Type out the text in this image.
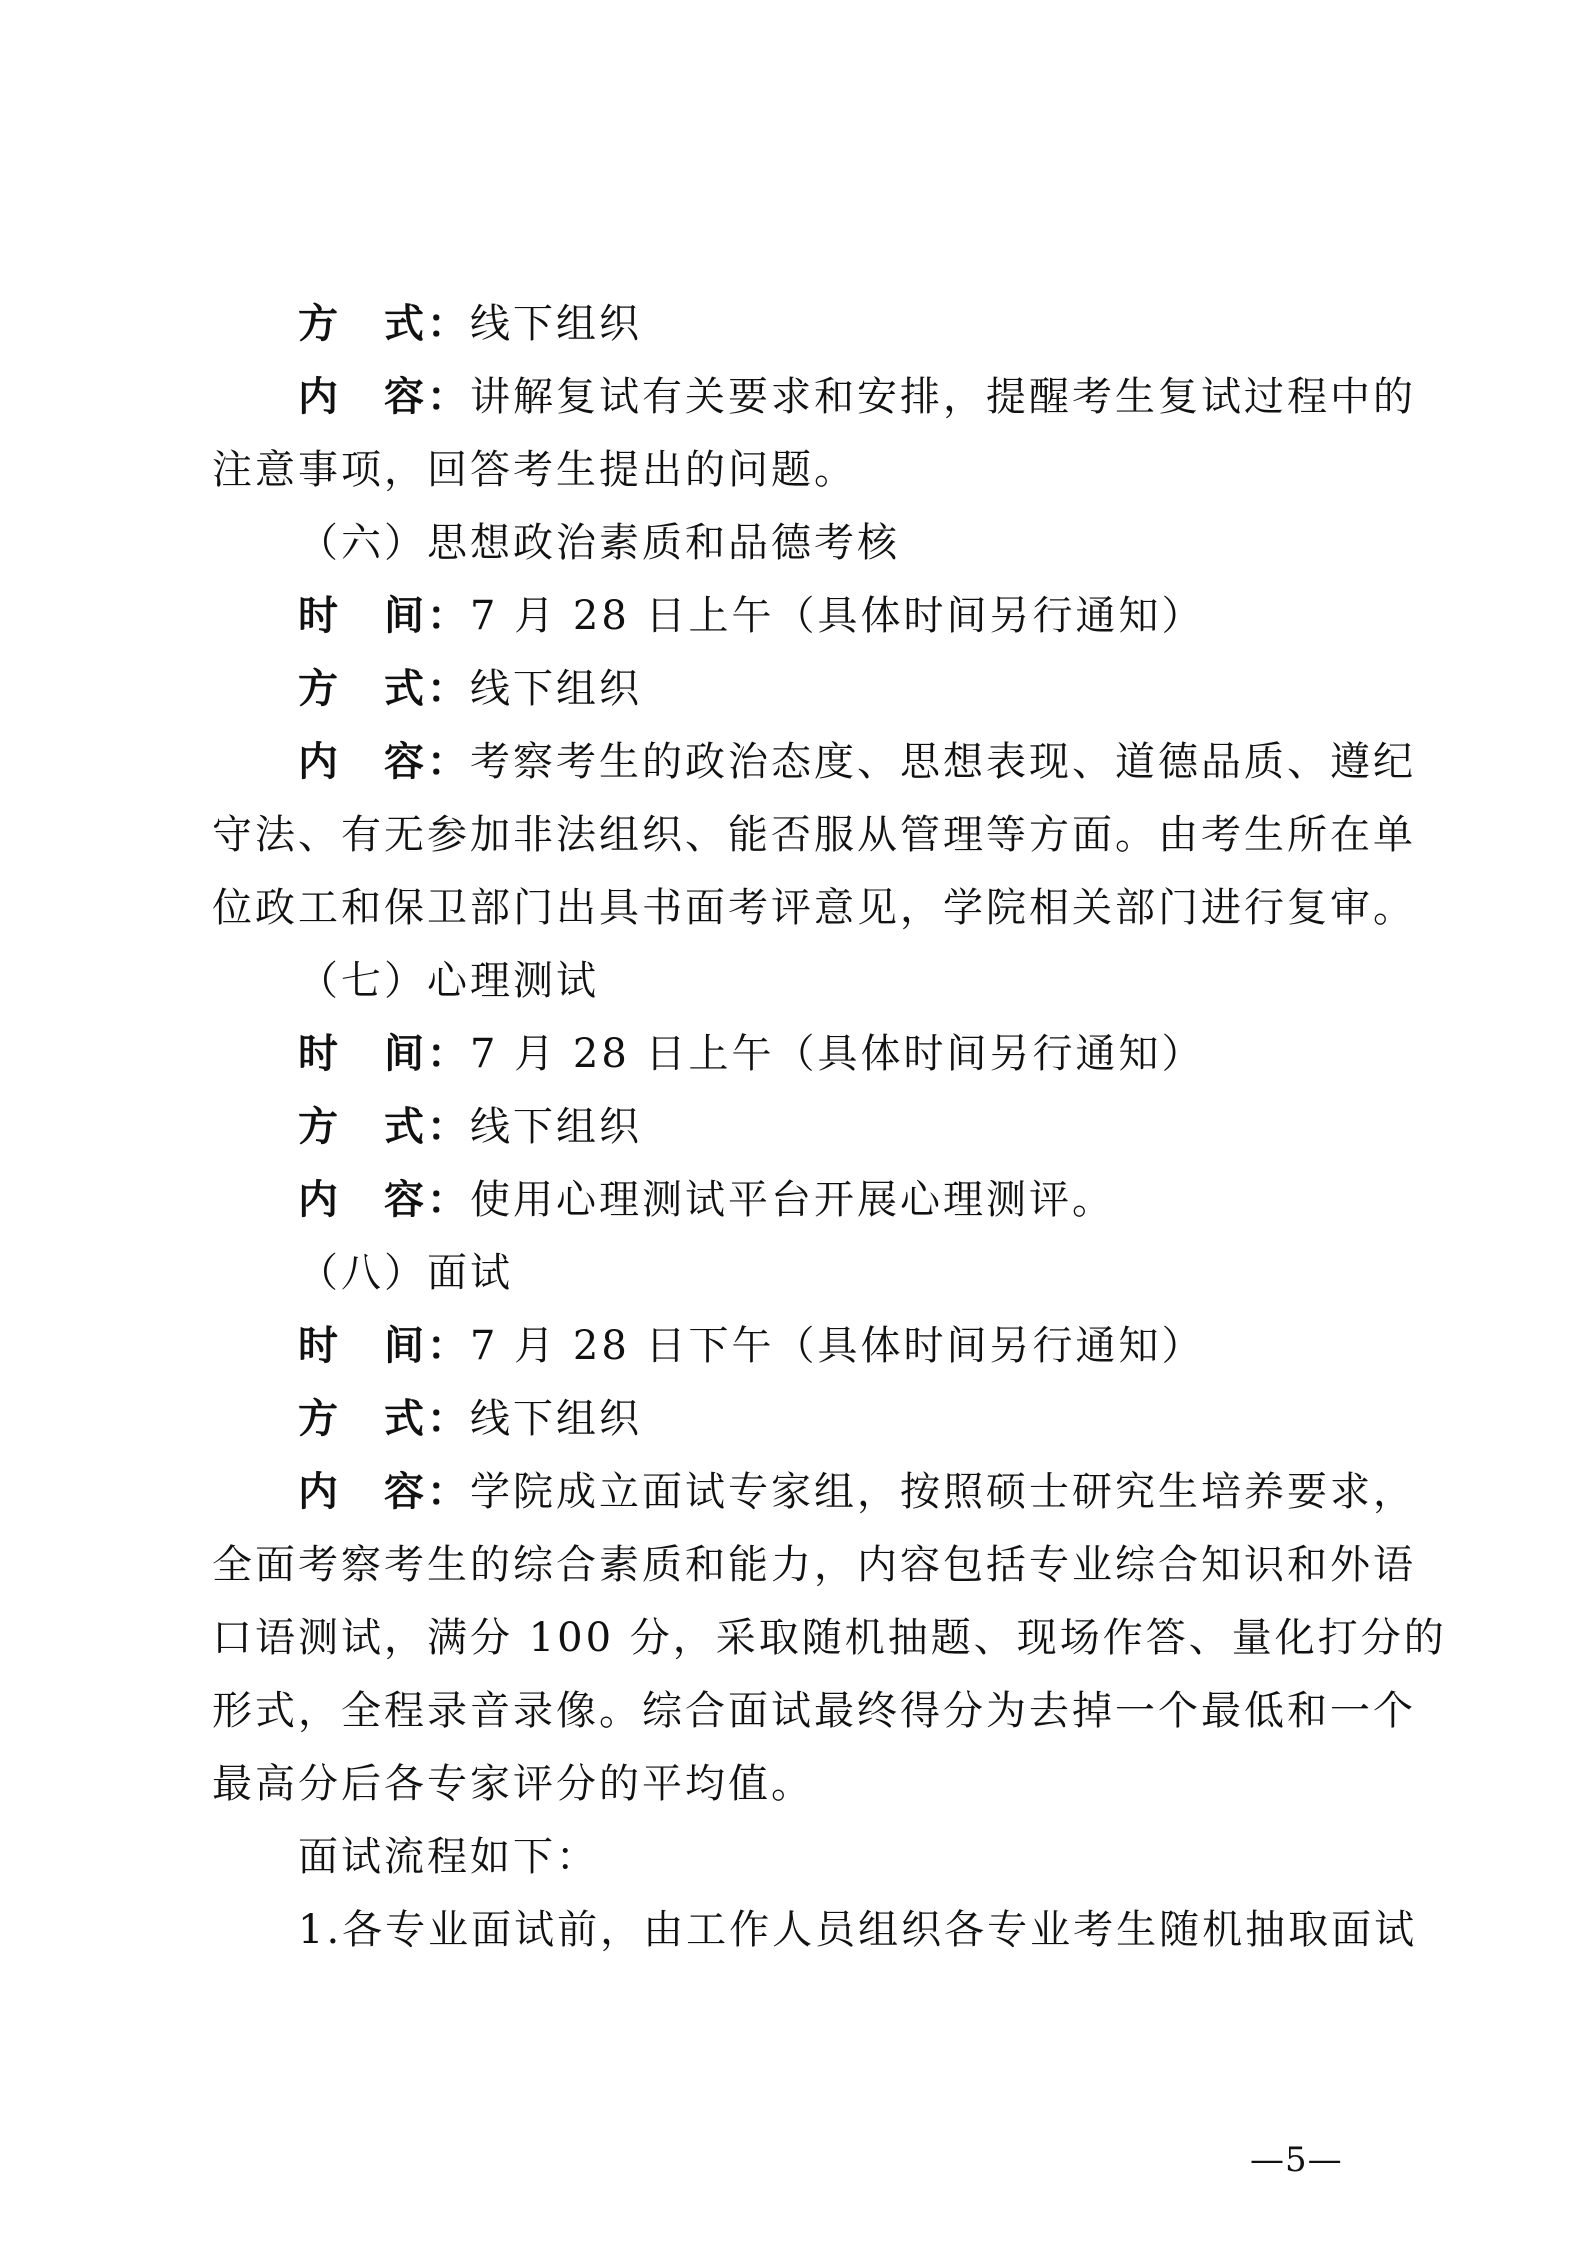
方　式：线下组织
内　容：讲解复试有关要求和安排，提醒考生复试过程中的
注意事项，回答考生提出的问题。
（六）思想政治素质和品德考核
时　间：7 月 28 日上午（具体时间另行通知）
方　式：线下组织
内　容：考察考生的政治态度、思想表现、道德品质、遵纪
守法、有无参加非法组织、能否服从管理等方面。由考生所在单
位政工和保卫部门出具书面考评意见，学院相关部门进行复审。
（七）心理测试
时　间：7 月 28 日上午（具体时间另行通知）
方　式：线下组织
内　容：使用心理测试平台开展心理测评。
（八）面试
时　间：7 月 28 日下午（具体时间另行通知）
方　式：线下组织
内　容：学院成立面试专家组，按照硕士研究生培养要求，
全面考察考生的综合素质和能力，内容包括专业综合知识和外语
口语测试，满分 100 分，采取随机抽题、现场作答、量化打分的
形式，全程录音录像。综合面试最终得分为去掉一个最低和一个
最高分后各专家评分的平均值。
面试流程如下：
1.各专业面试前，由工作人员组织各专业考生随机抽取面试
—5—
